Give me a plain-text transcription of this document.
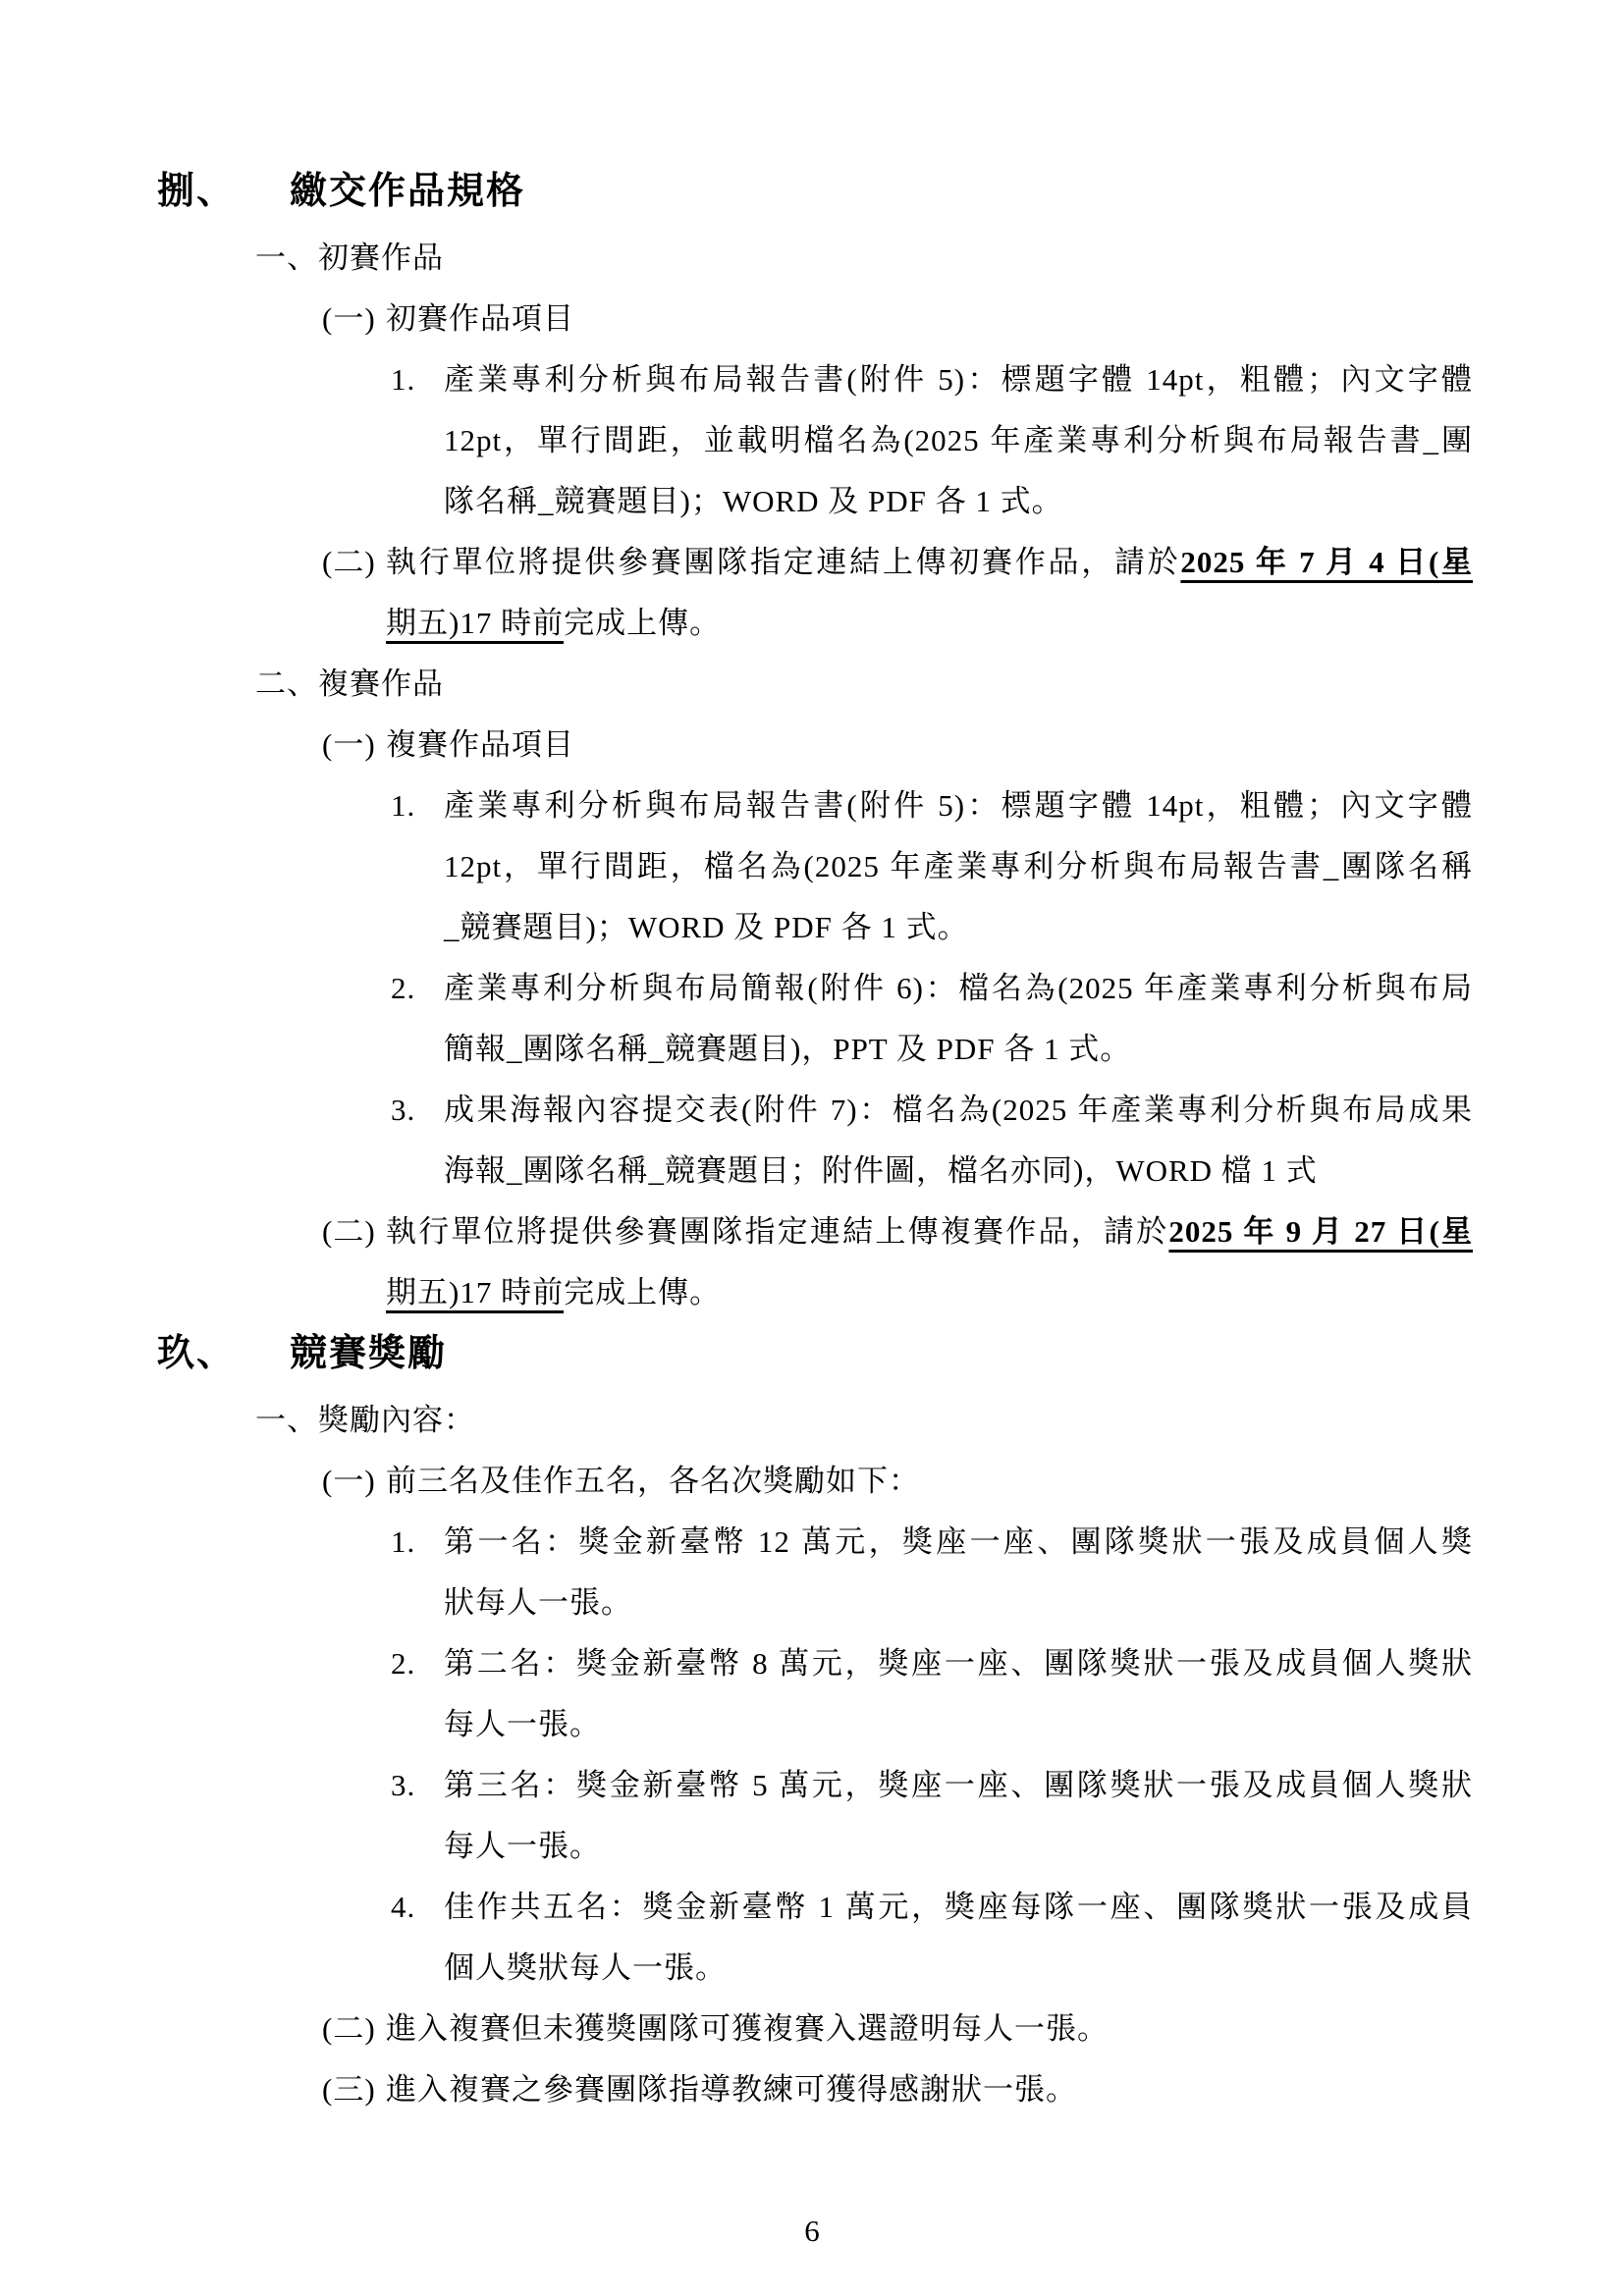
捌、	繳交作品規格
一、初賽作品
(一) 初賽作品項目
1. 產業專利分析與布局報告書(附件 5)：標題字體 14pt，粗體；內文字體
12pt，單行間距，並載明檔名為(2025 年產業專利分析與布局報告書_團
隊名稱_競賽題目)；WORD 及 PDF 各 1 式。
(二) 執行單位將提供參賽團隊指定連結上傳初賽作品，請於2025 年 7 月 4 日(星
期五)17 時前完成上傳。
二、複賽作品
(一) 複賽作品項目
1. 產業專利分析與布局報告書(附件 5)：標題字體 14pt，粗體；內文字體
12pt，單行間距，檔名為(2025 年產業專利分析與布局報告書_團隊名稱
_競賽題目)；WORD 及 PDF 各 1 式。
2. 產業專利分析與布局簡報(附件 6)：檔名為(2025 年產業專利分析與布局
簡報_團隊名稱_競賽題目)，PPT 及 PDF 各 1 式。
3. 成果海報內容提交表(附件 7)：檔名為(2025 年產業專利分析與布局成果
海報_團隊名稱_競賽題目；附件圖，檔名亦同)，WORD 檔 1 式
(二) 執行單位將提供參賽團隊指定連結上傳複賽作品，請於2025 年 9 月 27 日(星
期五)17 時前完成上傳。
玖、	競賽獎勵
一、獎勵內容：
(一) 前三名及佳作五名，各名次獎勵如下：
1. 第一名：獎金新臺幣 12 萬元，獎座一座、團隊獎狀一張及成員個人獎
狀每人一張。
2. 第二名：獎金新臺幣 8 萬元，獎座一座、團隊獎狀一張及成員個人獎狀
每人一張。
3. 第三名：獎金新臺幣 5 萬元，獎座一座、團隊獎狀一張及成員個人獎狀
每人一張。
4. 佳作共五名：獎金新臺幣 1 萬元，獎座每隊一座、團隊獎狀一張及成員
個人獎狀每人一張。
(二) 進入複賽但未獲獎團隊可獲複賽入選證明每人一張。
(三) 進入複賽之參賽團隊指導教練可獲得感謝狀一張。
6
